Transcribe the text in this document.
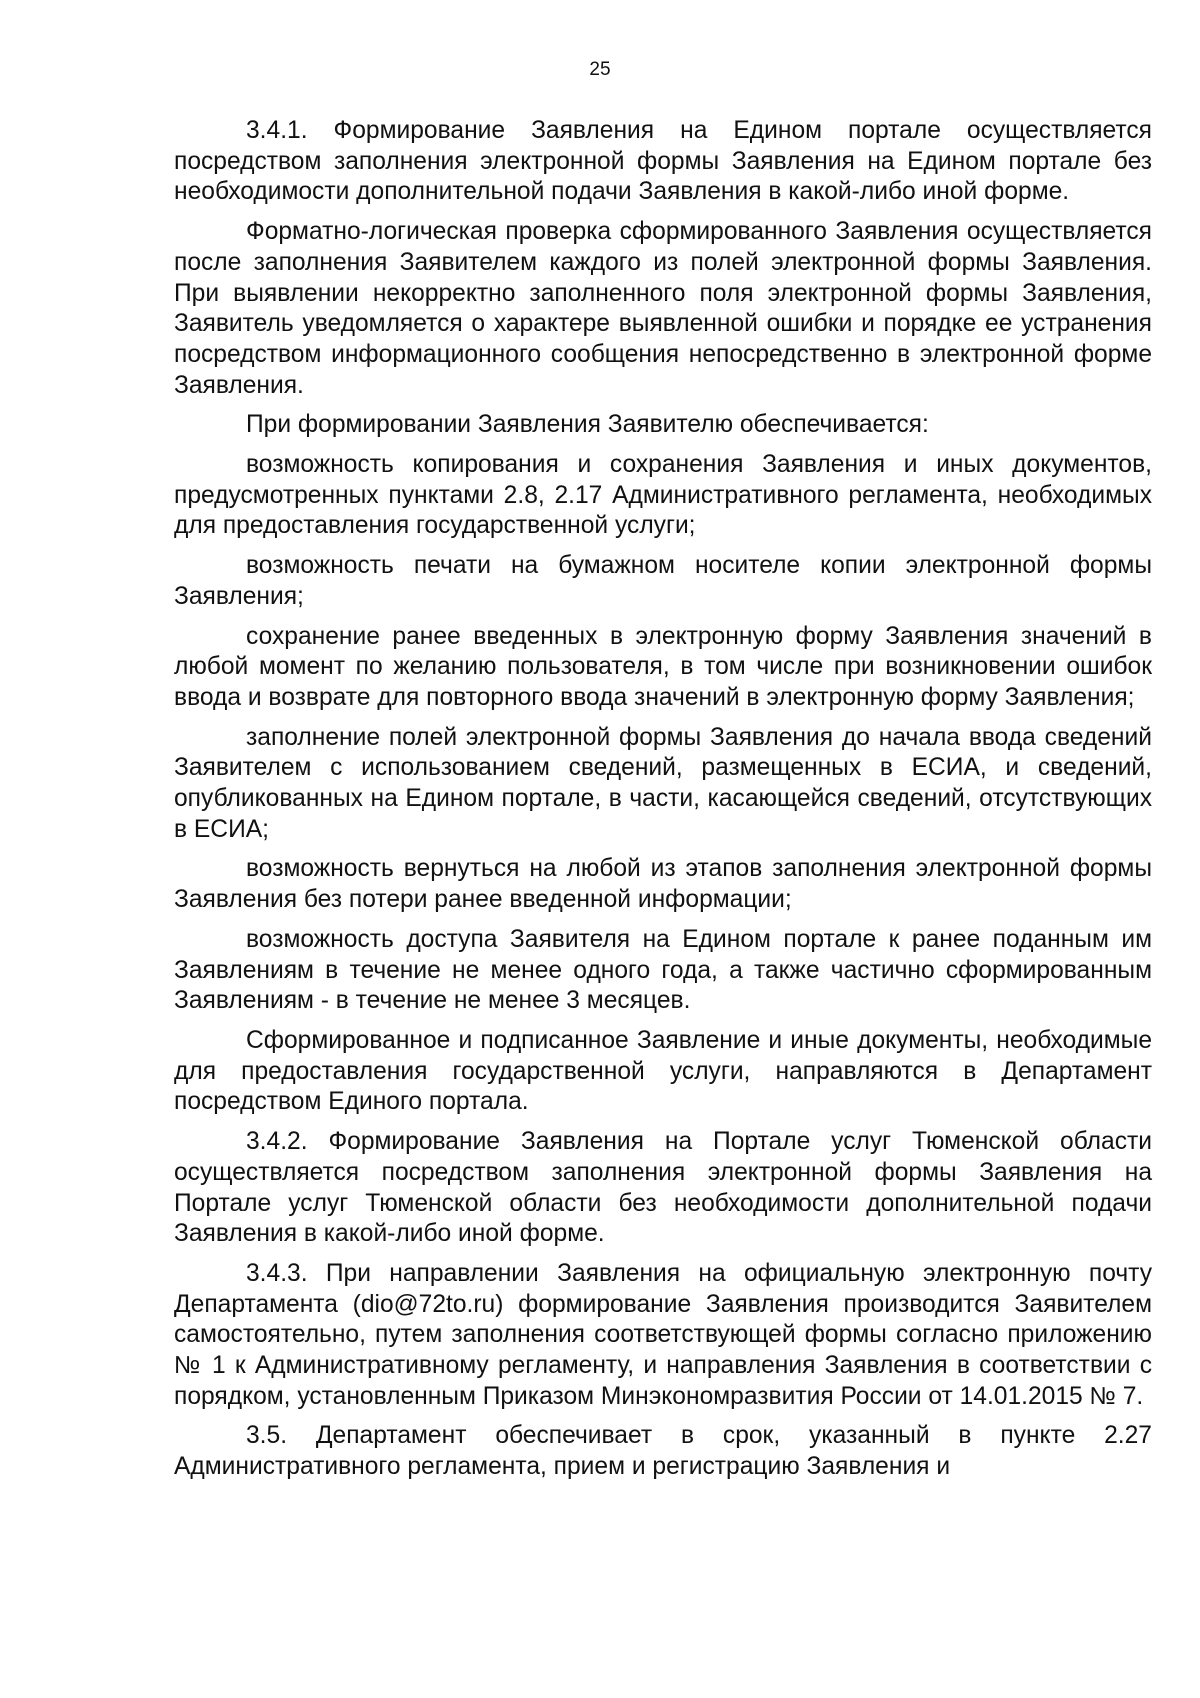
25

3.4.1. Формирование Заявления на Едином портале осуществляется посредством заполнения электронной формы Заявления на Едином портале без необходимости дополнительной подачи Заявления в какой-либо иной форме.

Форматно-логическая проверка сформированного Заявления осуществляется после заполнения Заявителем каждого из полей электронной формы Заявления. При выявлении некорректно заполненного поля электронной формы Заявления, Заявитель уведомляется о характере выявленной ошибки и порядке ее устранения посредством информационного сообщения непосредственно в электронной форме Заявления.

При формировании Заявления Заявителю обеспечивается:

возможность копирования и сохранения Заявления и иных документов, предусмотренных пунктами 2.8, 2.17 Административного регламента, необходимых для предоставления государственной услуги;

возможность печати на бумажном носителе копии электронной формы Заявления;

сохранение ранее введенных в электронную форму Заявления значений в любой момент по желанию пользователя, в том числе при возникновении ошибок ввода и возврате для повторного ввода значений в электронную форму Заявления;

заполнение полей электронной формы Заявления до начала ввода сведений Заявителем с использованием сведений, размещенных в ЕСИА, и сведений, опубликованных на Едином портале, в части, касающейся сведений, отсутствующих в ЕСИА;

возможность вернуться на любой из этапов заполнения электронной формы Заявления без потери ранее введенной информации;

возможность доступа Заявителя на Едином портале к ранее поданным им Заявлениям в течение не менее одного года, а также частично сформированным Заявлениям - в течение не менее 3 месяцев.

Сформированное и подписанное Заявление и иные документы, необходимые для предоставления государственной услуги, направляются в Департамент посредством Единого портала.

3.4.2. Формирование Заявления на Портале услуг Тюменской области осуществляется посредством заполнения электронной формы Заявления на Портале услуг Тюменской области без необходимости дополнительной подачи Заявления в какой-либо иной форме.

3.4.3. При направлении Заявления на официальную электронную почту Департамента (dio@72to.ru) формирование Заявления производится Заявителем самостоятельно, путем заполнения соответствующей формы согласно приложению № 1 к Административному регламенту, и направления Заявления в соответствии с порядком, установленным Приказом Минэкономразвития России от 14.01.2015 № 7.

3.5. Департамент обеспечивает в срок, указанный в пункте 2.27 Административного регламента, прием и регистрацию Заявления и
